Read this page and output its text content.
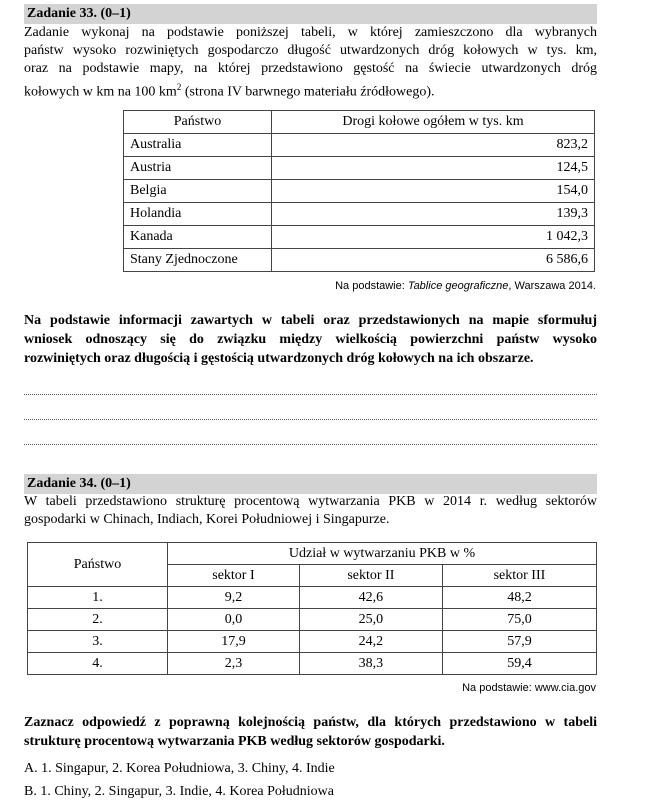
Zadanie 33. (0–1)
Zadanie wykonaj na podstawie poniższej tabeli, w której zamieszczono dla wybranych
państw wysoko rozwiniętych gospodarczo długość utwardzonych dróg kołowych w tys. km,
oraz na podstawie mapy, na której przedstawiono gęstość na świecie utwardzonych dróg
kołowych w km na 100 $km^2$ (strona IV barwnego materiału źródłowego).
Państwo	Drogi kołowe ogółem w tys. km
Australia	823,2
Austria	124,5
Belgia	154,0
Holandia	139,3
Kanada	1 042,3
Stany Zjednoczone	6 586,6
Na podstawie: Tablice geograficzne, Warszawa 2014.
Na podstawie informacji zawartych w tabeli oraz przedstawionych na mapie sformułuj
wniosek odnoszący się do związku między wielkością powierzchni państw wysoko
rozwiniętych oraz długością i gęstością utwardzonych dróg kołowych na ich obszarze.
Zadanie 34. (0–1)
W tabeli przedstawiono strukturę procentową wytwarzania PKB w 2014 r. według sektorów
gospodarki w Chinach, Indiach, Korei Południowej i Singapurze.
Państwo	Udział w wytwarzaniu PKB w %		
	sektor I	sektor II	sektor III
1.	9,2	42,6	48,2
2.	0,0	25,0	75,0
3.	17,9	24,2	57,9
4.	2,3	38,3	59,4
Na podstawie: www.cia.gov
Zaznacz odpowiedź z poprawną kolejnością państw, dla których przedstawiono w tabeli
strukturę procentową wytwarzania PKB według sektorów gospodarki.
A. 1. Singapur, 2. Korea Południowa, 3. Chiny, 4. Indie
B. 1. Chiny, 2. Singapur, 3. Indie, 4. Korea Południowa
